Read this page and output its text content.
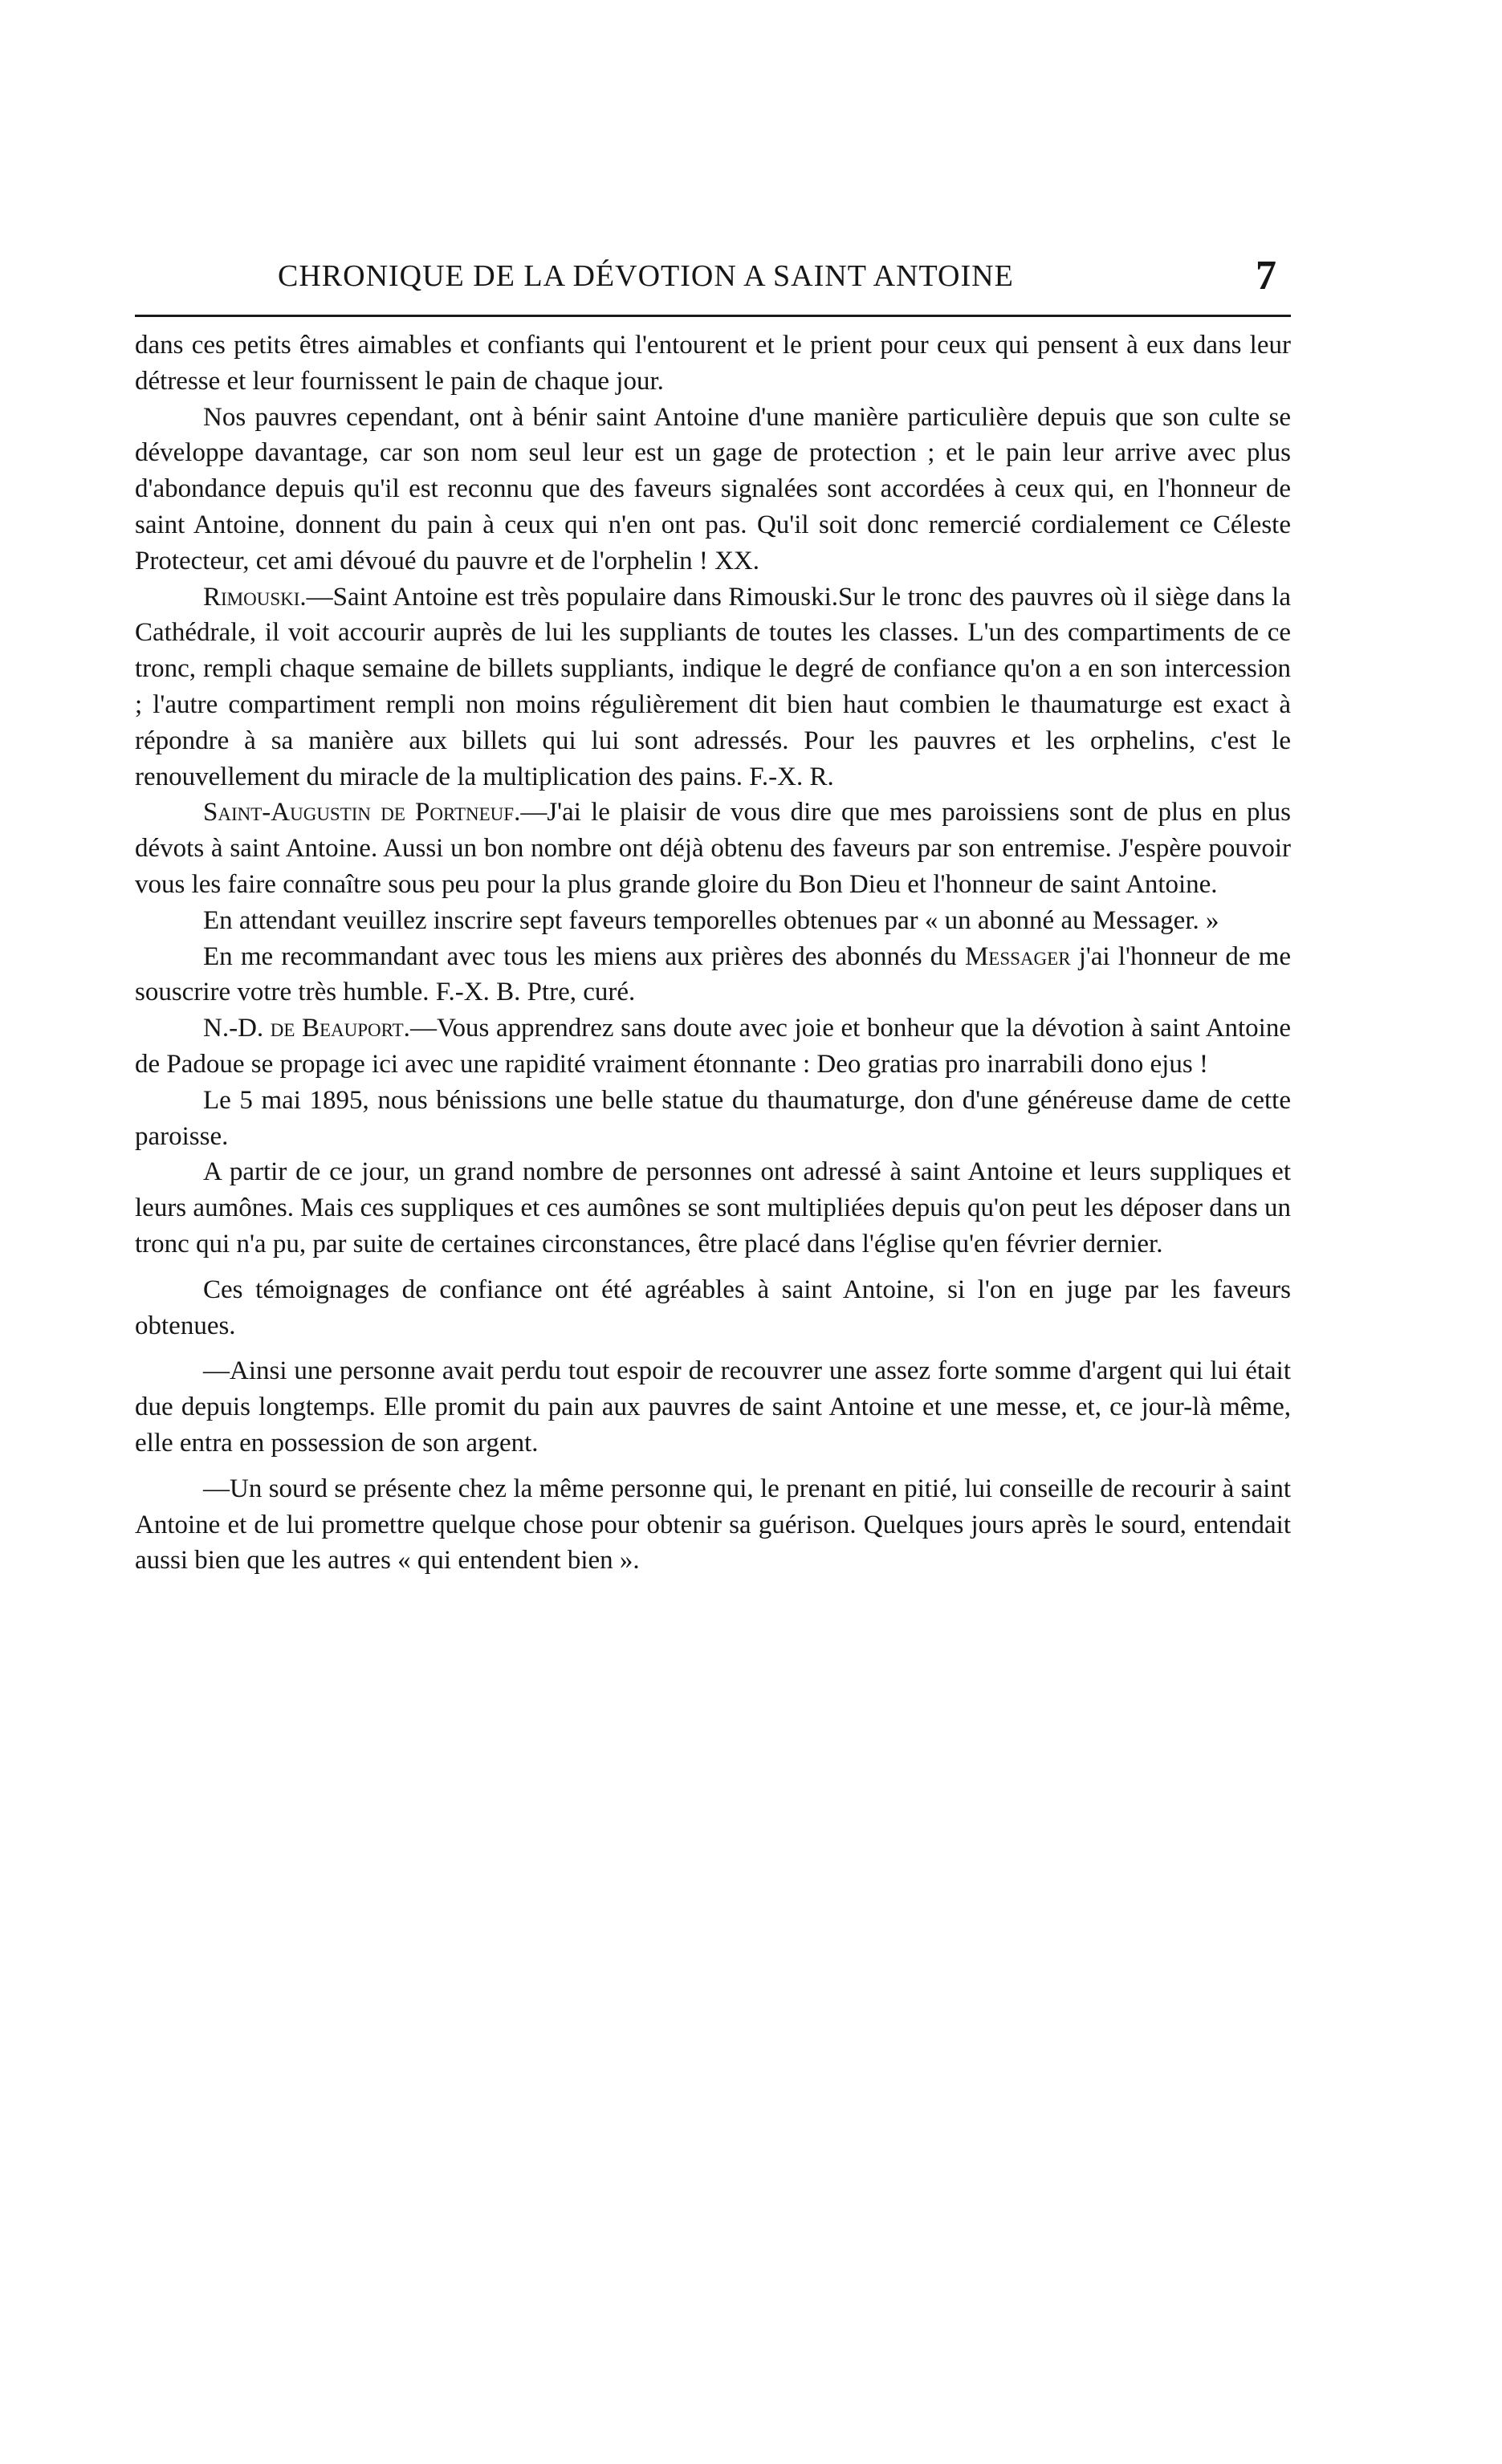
CHRONIQUE DE LA DÉVOTION A SAINT ANTOINE	7

dans ces petits êtres aimables et confiants qui l'entourent et le prient pour ceux qui pensent à eux dans leur détresse et leur fournissent le pain de chaque jour.

Nos pauvres cependant, ont à bénir saint Antoine d'une manière particulière depuis que son culte se développe davantage, car son nom seul leur est un gage de protection ; et le pain leur arrive avec plus d'abondance depuis qu'il est reconnu que des faveurs signalées sont accordées à ceux qui, en l'honneur de saint Antoine, donnent du pain à ceux qui n'en ont pas. Qu'il soit donc remercié cordialement ce Céleste Protecteur, cet ami dévoué du pauvre et de l'orphelin ! XX.

Rimouski.—Saint Antoine est très populaire dans Rimouski.Sur le tronc des pauvres où il siège dans la Cathédrale, il voit accourir auprès de lui les suppliants de toutes les classes. L'un des compartiments de ce tronc, rempli chaque semaine de billets suppliants, indique le degré de confiance qu'on a en son intercession ; l'autre compartiment rempli non moins régulièrement dit bien haut combien le thaumaturge est exact à répondre à sa manière aux billets qui lui sont adressés. Pour les pauvres et les orphelins, c'est le renouvellement du miracle de la multiplication des pains. F.-X. R.

Saint-Augustin de Portneuf.—J'ai le plaisir de vous dire que mes paroissiens sont de plus en plus dévots à saint Antoine. Aussi un bon nombre ont déjà obtenu des faveurs par son entremise. J'espère pouvoir vous les faire connaître sous peu pour la plus grande gloire du Bon Dieu et l'honneur de saint Antoine.

En attendant veuillez inscrire sept faveurs temporelles obtenues par « un abonné au Messager. »

En me recommandant avec tous les miens aux prières des abonnés du Messager j'ai l'honneur de me souscrire votre très humble. F.-X. B. Ptre, curé.

N.-D. de Beauport.—Vous apprendrez sans doute avec joie et bonheur que la dévotion à saint Antoine de Padoue se propage ici avec une rapidité vraiment étonnante : Deo gratias pro inarrabili dono ejus !

Le 5 mai 1895, nous bénissions une belle statue du thaumaturge, don d'une généreuse dame de cette paroisse.

A partir de ce jour, un grand nombre de personnes ont adressé à saint Antoine et leurs suppliques et leurs aumônes. Mais ces suppliques et ces aumônes se sont multipliées depuis qu'on peut les déposer dans un tronc qui n'a pu, par suite de certaines circonstances, être placé dans l'église qu'en février dernier.

Ces témoignages de confiance ont été agréables à saint Antoine, si l'on en juge par les faveurs obtenues.

—Ainsi une personne avait perdu tout espoir de recouvrer une assez forte somme d'argent qui lui était due depuis longtemps. Elle promit du pain aux pauvres de saint Antoine et une messe, et, ce jour-là même, elle entra en possession de son argent.

—Un sourd se présente chez la même personne qui, le prenant en pitié, lui conseille de recourir à saint Antoine et de lui promettre quelque chose pour obtenir sa guérison. Quelques jours après le sourd, entendait aussi bien que les autres « qui entendent bien ».
